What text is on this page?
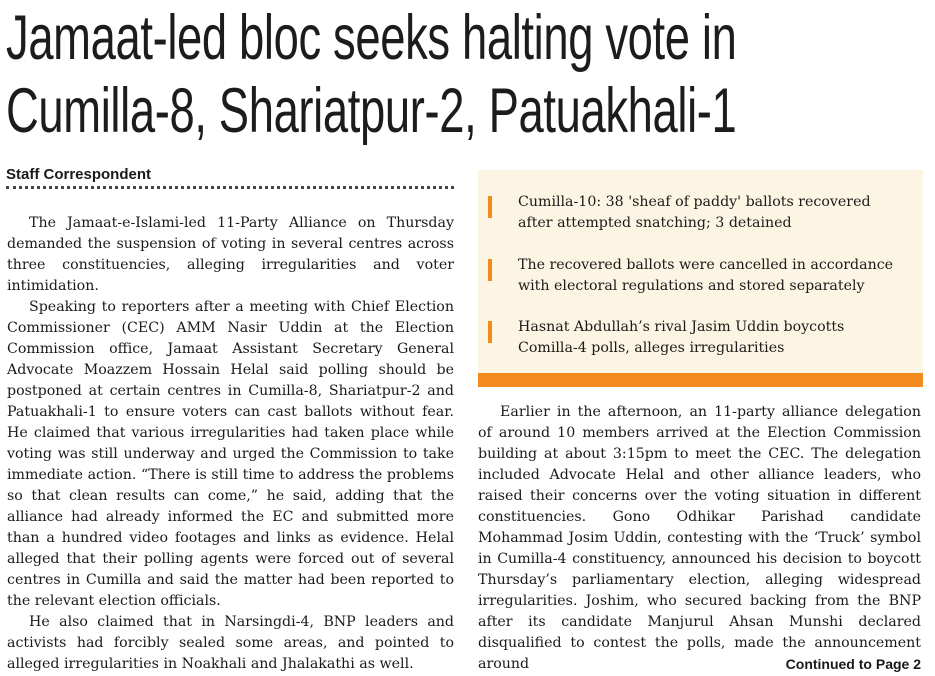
Jamaat-led bloc seeks halting vote in
Cumilla-8, Shariatpur-2, Patuakhali-1
Staff Correspondent

The Jamaat-e-Islami-led 11-Party Alliance on Thursday demanded the suspension of voting in several centres across three constituencies, alleging irregularities and voter intimidation.

Speaking to reporters after a meeting with Chief Election Commissioner (CEC) AMM Nasir Uddin at the Election Commission office, Jamaat Assistant Secretary General Advocate Moazzem Hossain Helal said polling should be postponed at certain centres in Cumilla-8, Shariatpur-2 and Patuakhali-1 to ensure voters can cast ballots without fear. He claimed that various irregularities had taken place while voting was still underway and urged the Commission to take immediate action. “There is still time to address the problems so that clean results can come,” he said, adding that the alliance had already informed the EC and submitted more than a hundred video footages and links as evidence. Helal alleged that their polling agents were forced out of several centres in Cumilla and said the matter had been reported to the relevant election officials.

He also claimed that in Narsingdi-4, BNP leaders and activists had forcibly sealed some areas, and pointed to alleged irregularities in Noakhali and Jhalakathi as well.

Cumilla-10: 38 'sheaf of paddy' ballots recovered after attempted snatching; 3 detained
The recovered ballots were cancelled in accordance with electoral regulations and stored separately
Hasnat Abdullah’s rival Jasim Uddin boycotts Comilla-4 polls, alleges irregularities

Earlier in the afternoon, an 11-party alliance delegation of around 10 members arrived at the Election Commission building at about 3:15pm to meet the CEC. The delegation included Advocate Helal and other alliance leaders, who raised their concerns over the voting situation in different constituencies. Gono Odhikar Parishad candidate Mohammad Josim Uddin, contesting with the ‘Truck’ symbol in Cumilla-4 constituency, announced his decision to boycott Thursday’s parliamentary election, alleging widespread irregularities. Joshim, who secured backing from the BNP after its candidate Manjurul Ahsan Munshi declared disqualified to contest the polls, made the announcement around	Continued to Page 2
